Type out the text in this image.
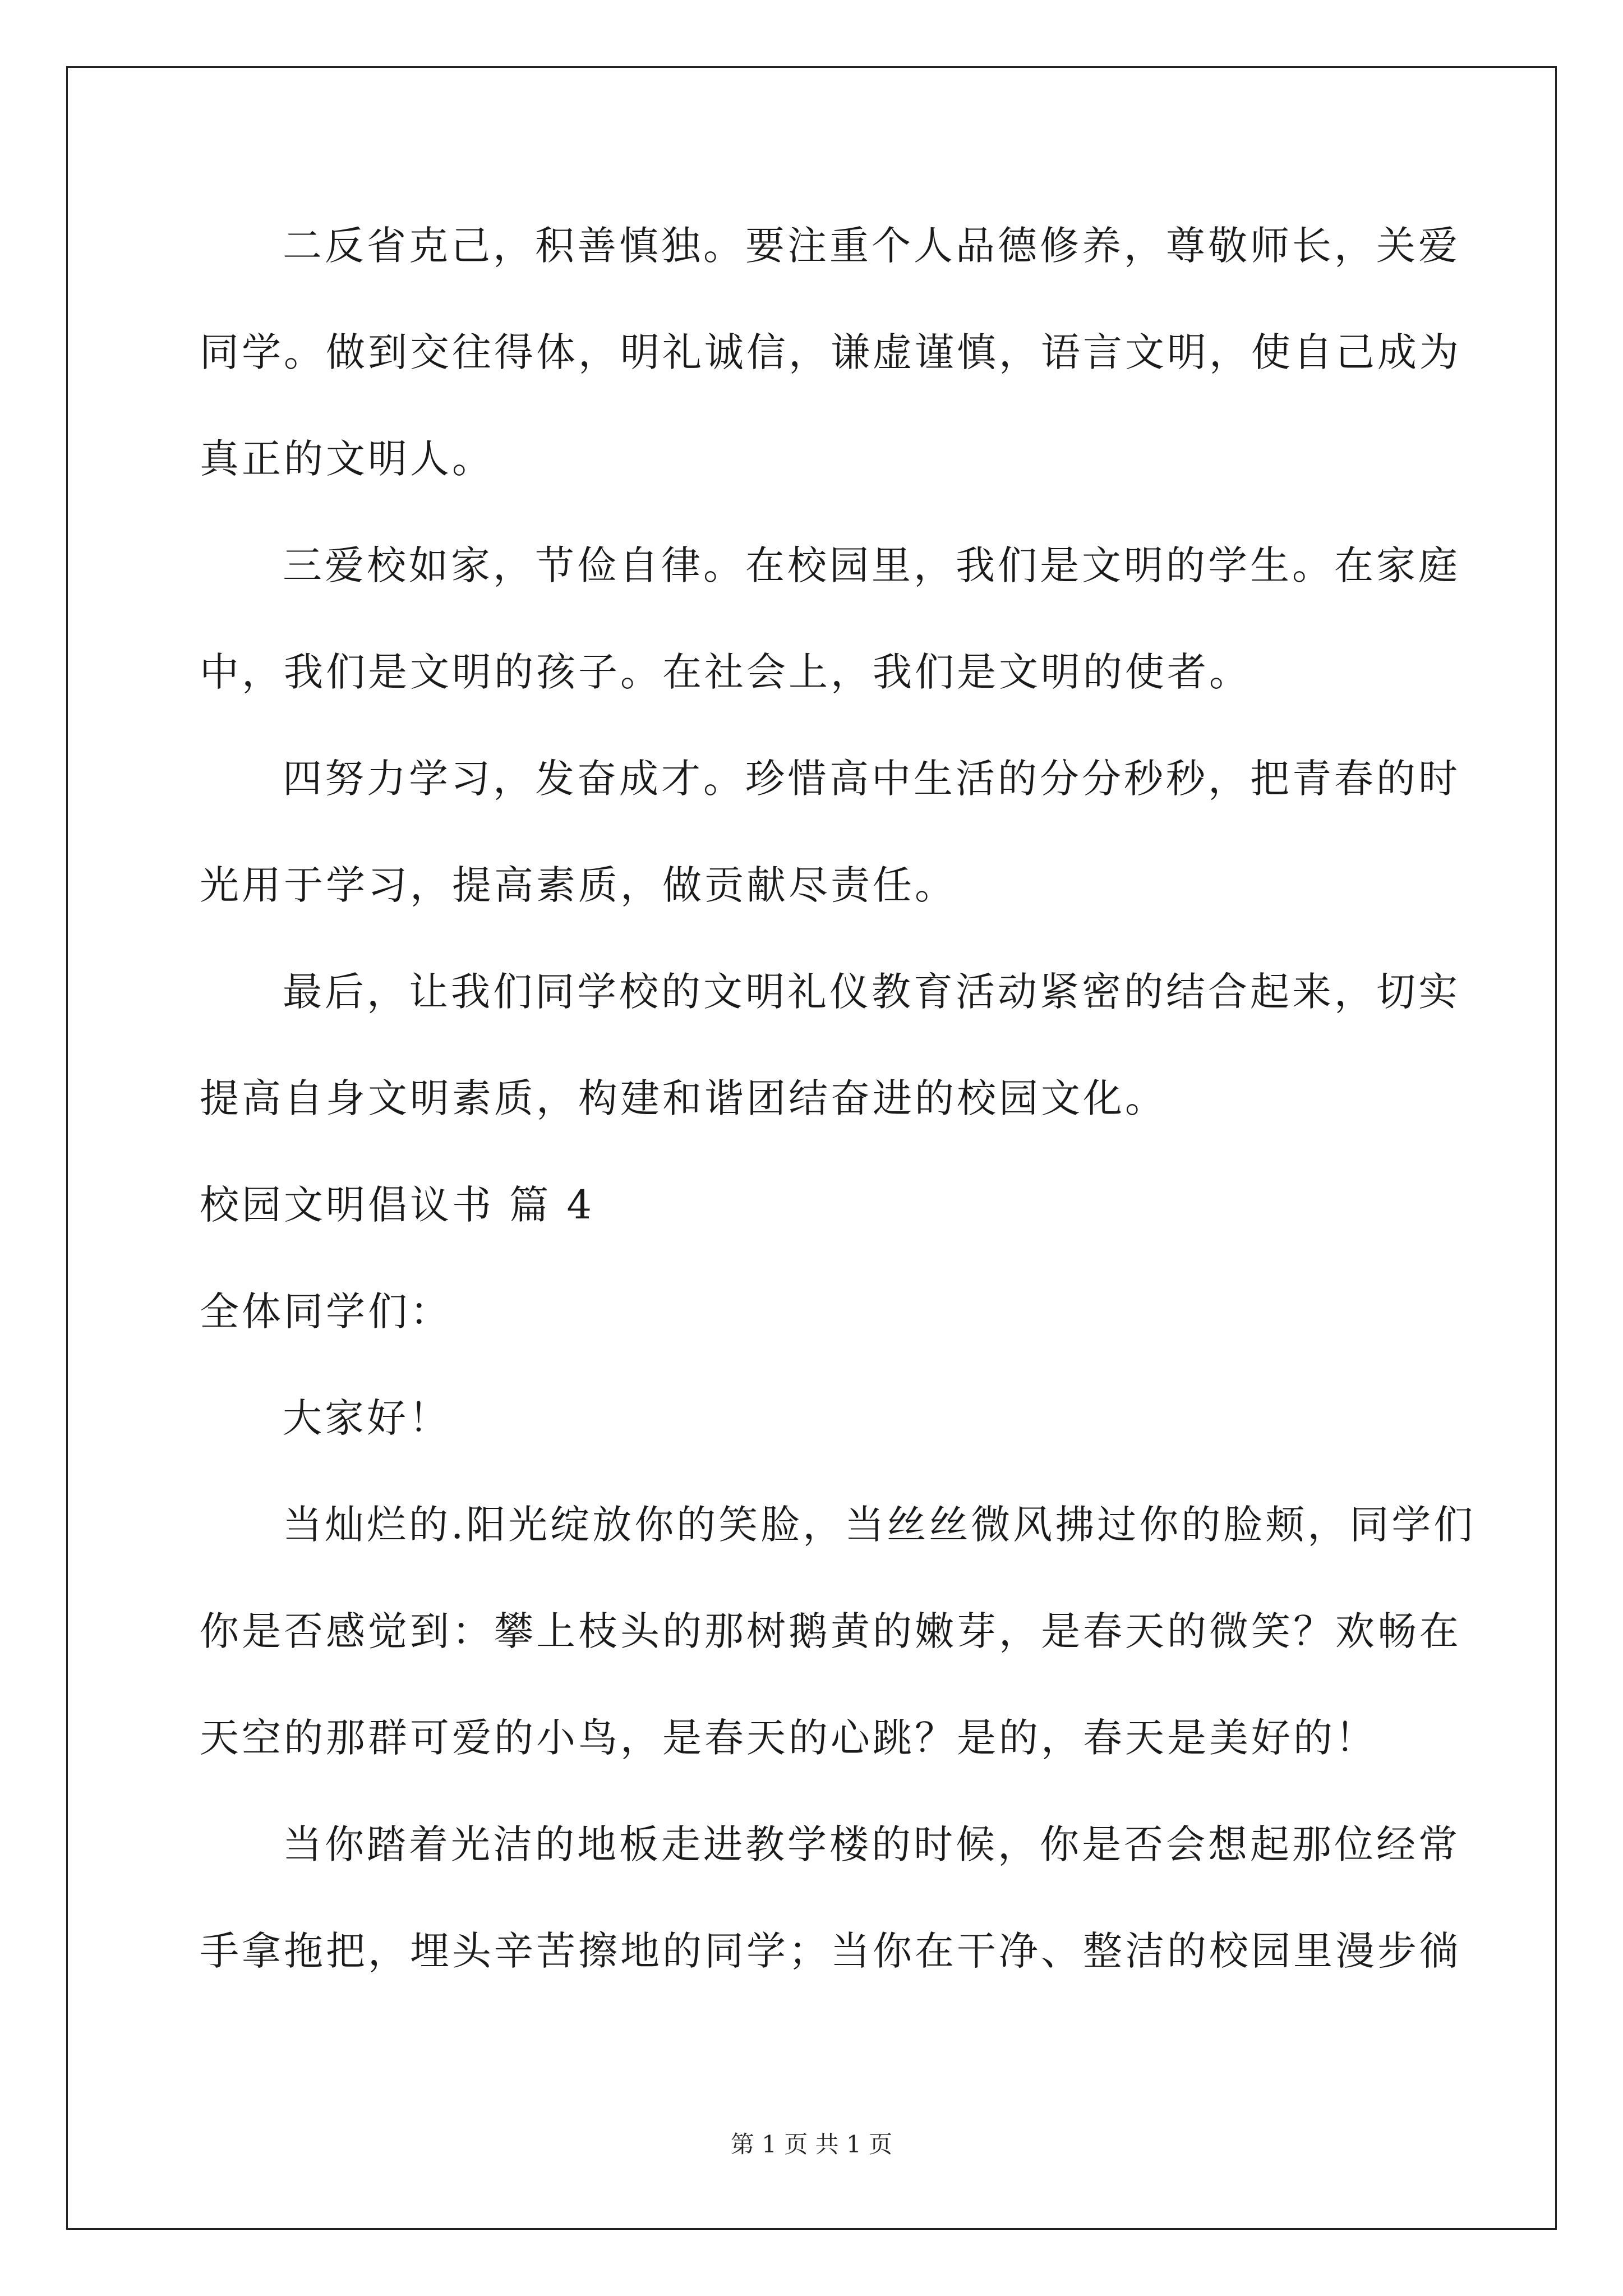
二反省克己，积善慎独。要注重个人品德修养，尊敬师长，关爱
同学。做到交往得体，明礼诚信，谦虚谨慎，语言文明，使自己成为
真正的文明人。
三爱校如家，节俭自律。在校园里，我们是文明的学生。在家庭
中，我们是文明的孩子。在社会上，我们是文明的使者。
四努力学习，发奋成才。珍惜高中生活的分分秒秒，把青春的时
光用于学习，提高素质，做贡献尽责任。
最后，让我们同学校的文明礼仪教育活动紧密的结合起来，切实
提高自身文明素质，构建和谐团结奋进的校园文化。
校园文明倡议书 篇 4
全体同学们：
大家好！
当灿烂的.阳光绽放你的笑脸，当丝丝微风拂过你的脸颊，同学们
你是否感觉到：攀上枝头的那树鹅黄的嫩芽，是春天的微笑？欢畅在
天空的那群可爱的小鸟，是春天的心跳？是的，春天是美好的！
当你踏着光洁的地板走进教学楼的时候，你是否会想起那位经常
手拿拖把，埋头辛苦擦地的同学；当你在干净、整洁的校园里漫步徜
第 1 页 共 1 页
